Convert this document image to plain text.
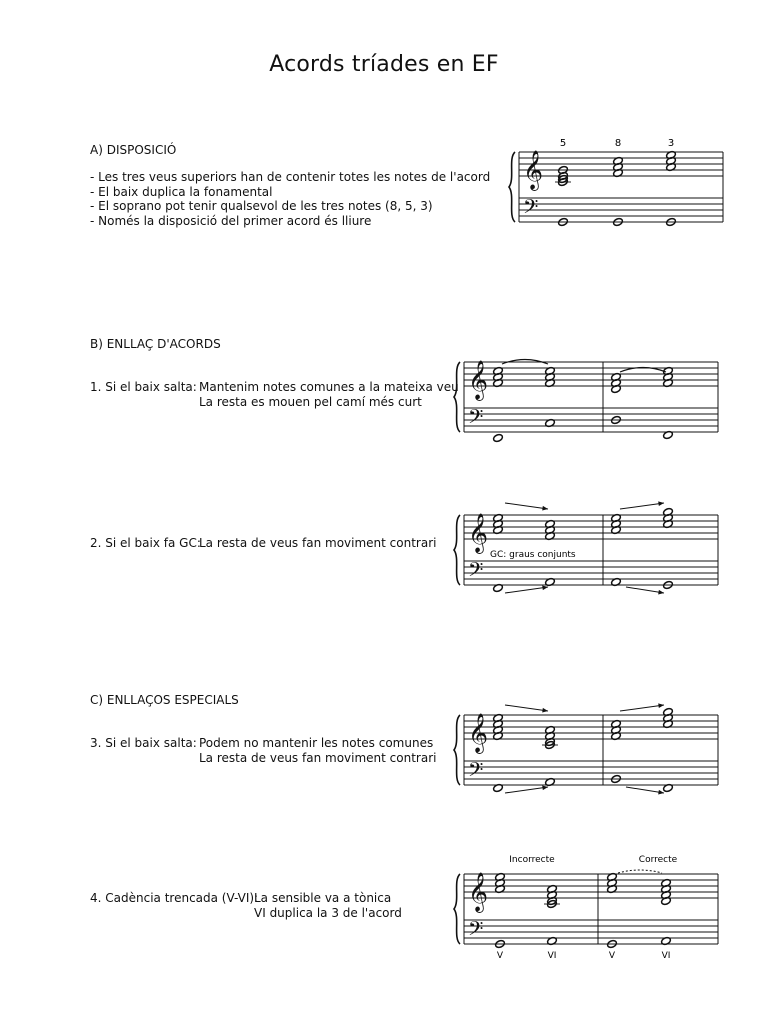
Acords tríades en EF
A) DISPOSICIÓ
- Les tres veus superiors han de contenir totes les notes de l'acord
- El baix duplica la fonamental
- El soprano pot tenir qualsevol de les tres notes (8, 5, 3)
- Només la disposició del primer acord és lliure
5	8	3
𝄞
𝄢
B) ENLLAÇ D'ACORDS
1. Si el baix salta: Mantenim notes comunes a la mateixa veu
La resta es mouen pel camí més curt
𝄞
𝄢
2. Si el baix fa GC:
La resta de veus fan moviment contrari
GC: graus conjunts
𝄞
𝄢
C) ENLLAÇOS ESPECIALS
3. Si el baix salta: Podem no mantenir les notes comunes
La resta de veus fan moviment contrari
𝄞
𝄢
4. Cadència trencada (V-VI):
La sensible va a tònica
VI duplica la 3 de l'acord
Incorrecte	Correcte
V	VI	V	VI
𝄞
𝄢
